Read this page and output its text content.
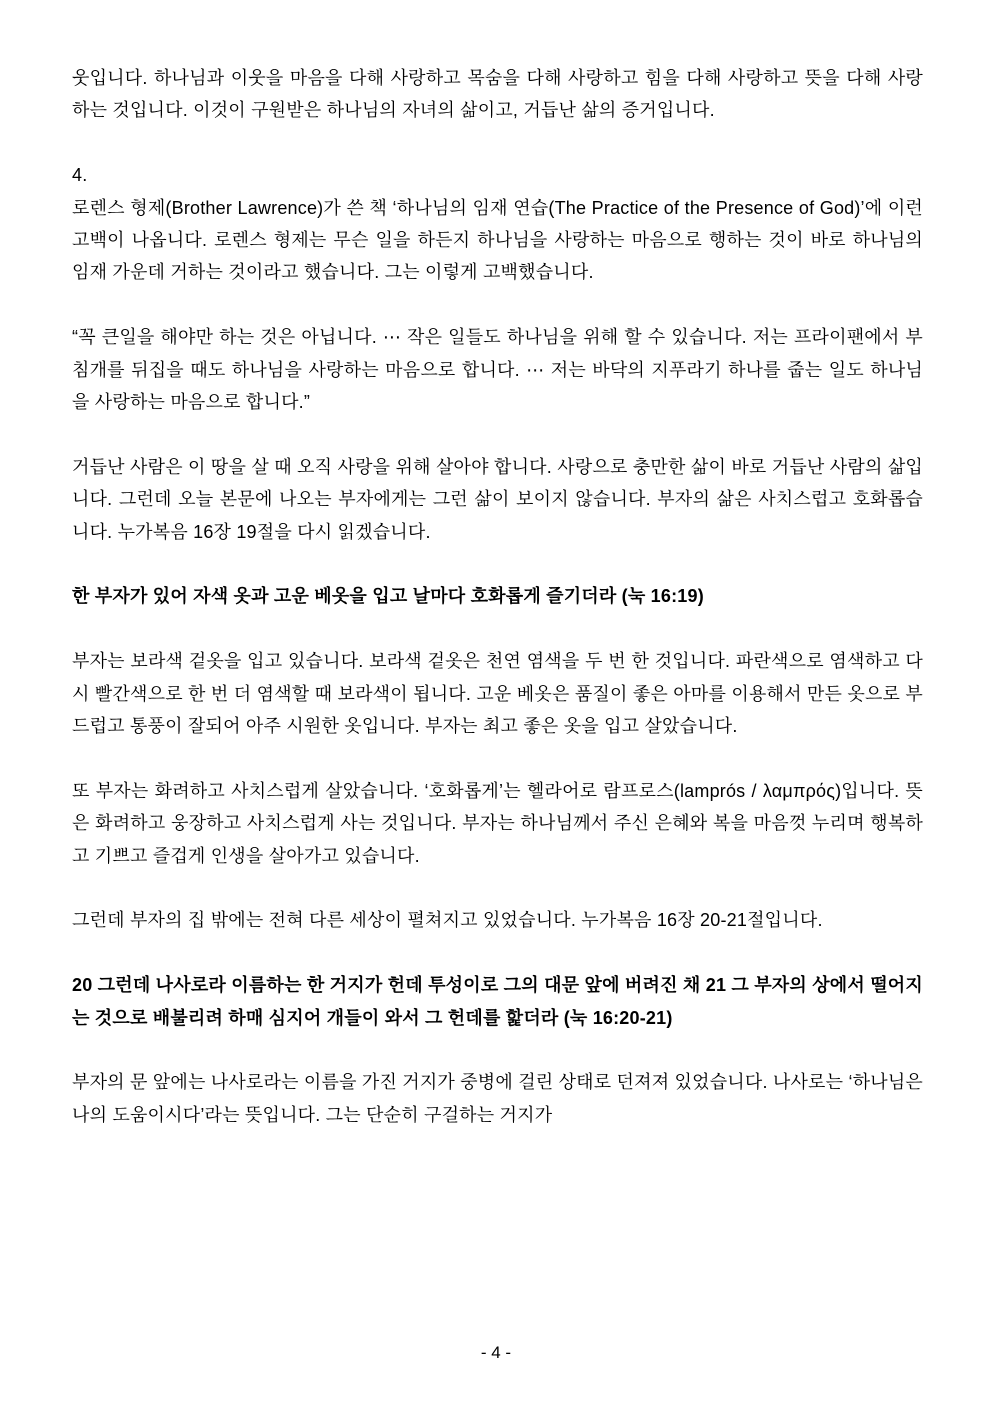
웃입니다. 하나님과 이웃을 마음을 다해 사랑하고 목숨을 다해 사랑하고 힘을 다해 사랑하고 뜻을 다해 사랑하는 것입니다. 이것이 구원받은 하나님의 자녀의 삶이고, 거듭난 삶의 증거입니다.

4.

로렌스 형제(Brother Lawrence)가 쓴 책 ‘하나님의 임재 연습(The Practice of the Presence of God)’에 이런 고백이 나옵니다. 로렌스 형제는 무슨 일을 하든지 하나님을 사랑하는 마음으로 행하는 것이 바로 하나님의 임재 가운데 거하는 것이라고 했습니다. 그는 이렇게 고백했습니다.

“꼭 큰일을 해야만 하는 것은 아닙니다. ⋯ 작은 일들도 하나님을 위해 할 수 있습니다. 저는 프라이팬에서 부침개를 뒤집을 때도 하나님을 사랑하는 마음으로 합니다. ⋯ 저는 바닥의 지푸라기 하나를 줍는 일도 하나님을 사랑하는 마음으로 합니다.”

거듭난 사람은 이 땅을 살 때 오직 사랑을 위해 살아야 합니다. 사랑으로 충만한 삶이 바로 거듭난 사람의 삶입니다. 그런데 오늘 본문에 나오는 부자에게는 그런 삶이 보이지 않습니다. 부자의 삶은 사치스럽고 호화롭습니다. 누가복음 16장 19절을 다시 읽겠습니다.

한 부자가 있어 자색 옷과 고운 베옷을 입고 날마다 호화롭게 즐기더라 (눅 16:19)

부자는 보라색 겉옷을 입고 있습니다. 보라색 겉옷은 천연 염색을 두 번 한 것입니다. 파란색으로 염색하고 다시 빨간색으로 한 번 더 염색할 때 보라색이 됩니다. 고운 베옷은 품질이 좋은 아마를 이용해서 만든 옷으로 부드럽고 통풍이 잘되어 아주 시원한 옷입니다. 부자는 최고 좋은 옷을 입고 살았습니다.

또 부자는 화려하고 사치스럽게 살았습니다. ‘호화롭게’는 헬라어로 람프로스(lamprós / λαμπρός)입니다. 뜻은 화려하고 웅장하고 사치스럽게 사는 것입니다. 부자는 하나님께서 주신 은혜와 복을 마음껏 누리며 행복하고 기쁘고 즐겁게 인생을 살아가고 있습니다.

그런데 부자의 집 밖에는 전혀 다른 세상이 펼쳐지고 있었습니다. 누가복음 16장 20-21절입니다.

20 그런데 나사로라 이름하는 한 거지가 헌데 투성이로 그의 대문 앞에 버려진 채 21 그 부자의 상에서 떨어지는 것으로 배불리려 하매 심지어 개들이 와서 그 헌데를 핥더라 (눅 16:20-21)

부자의 문 앞에는 나사로라는 이름을 가진 거지가 중병에 걸린 상태로 던져져 있었습니다. 나사로는 ‘하나님은 나의 도움이시다’라는 뜻입니다. 그는 단순히 구걸하는 거지가

- 4 -
